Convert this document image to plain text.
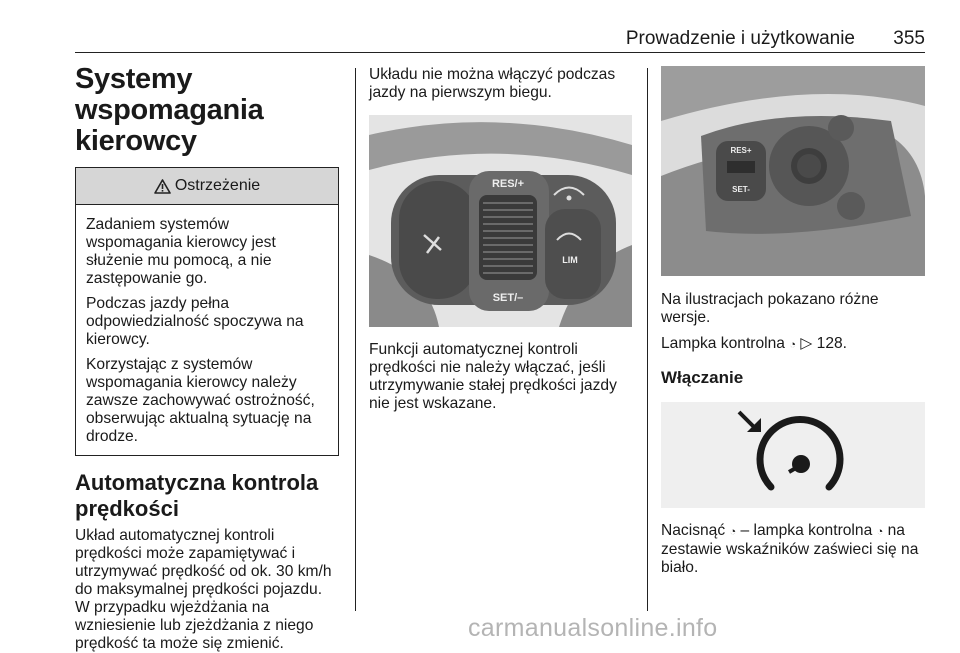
Prowadzenie i użytkowanie 355
Systemy wspomagania kierowcy
Ostrzeżenie

Zadaniem systemów wspomagania kierowcy jest służenie mu pomocą, a nie zastępowanie go.

Podczas jazdy pełna odpowiedzialność spoczywa na kierowcy.

Korzystając z systemów wspomagania kierowcy należy zawsze zachowywać ostrożność, obserwując aktualną sytuację na drodze.

Automatyczna kontrola prędkości

Układ automatycznej kontroli prędkości może zapamiętywać i utrzymywać prędkość od ok. 30 km/h do maksymalnej prędkości pojazdu. W przypadku wjeżdżania na wzniesienie lub zjeżdżania z niego prędkość ta może się zmienić.

Układu nie można włączyć podczas jazdy na pierwszym biegu.

RES/+
SET/–
LIM

Funkcji automatycznej kontroli prędkości nie należy włączać, jeśli utrzymywanie stałej prędkości jazdy nie jest wskazane.

RES+
SET-

Na ilustracjach pokazano różne wersje.

Lampka kontrolna ◔ ▷ 128.

Włączanie

Nacisnąć ◔ – lampka kontrolna ◔ na zestawie wskaźników zaświeci się na biało.

carmanualsonline.info
